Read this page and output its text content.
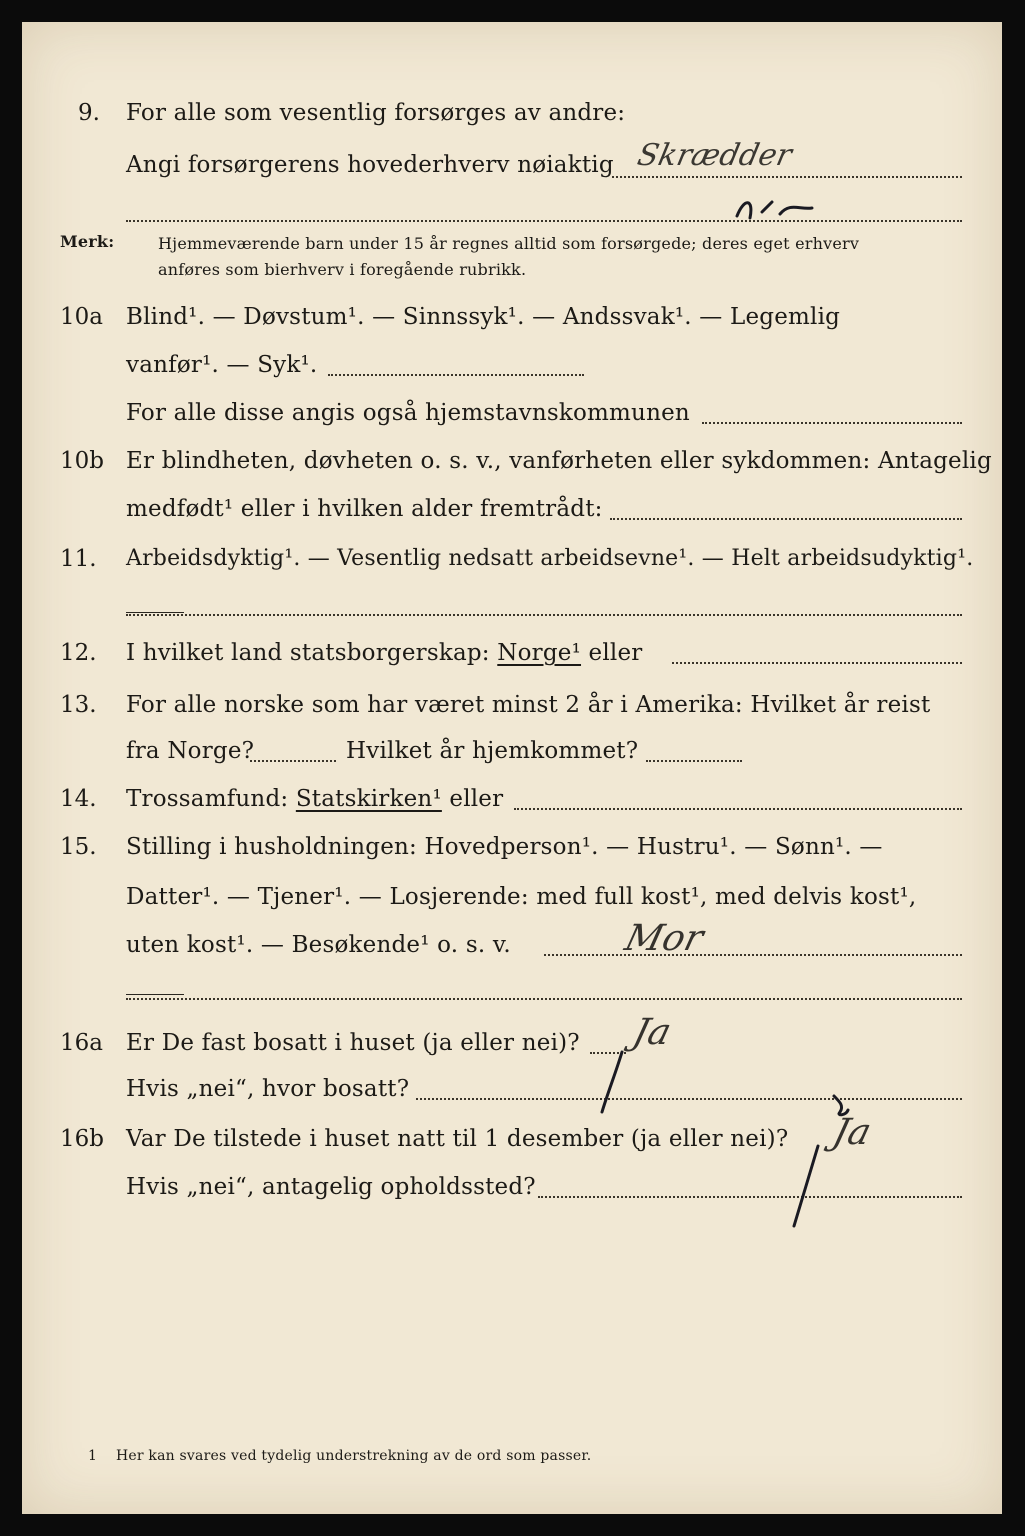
9. For alle som vesentlig forsørges av andre:
Angi forsørgerens hovederhverv nøiaktig Skrædder
Merk:	Hjemmeværende barn under 15 år regnes alltid som forsørgede; deres eget erhverv
anføres som bierhverv i foregående rubrikk.
10a Blind¹. — Døvstum¹. — Sinnssyk¹. — Andssvak¹. — Legemlig
vanfør¹. — Syk¹.
For alle disse angis også hjemstavnskommunen
10b Er blindheten, døvheten o. s. v., vanførheten eller sykdommen: Antagelig
medfødt¹ eller i hvilken alder fremtrådt:
11. Arbeidsdyktig¹. — Vesentlig nedsatt arbeidsevne¹. — Helt arbeidsudyktig¹.
12. I hvilket land statsborgerskap: Norge¹ eller
13. For alle norske som har været minst 2 år i Amerika: Hvilket år reist
fra Norge?	Hvilket år hjemkommet?
14. Trossamfund: Statskirken¹ eller
15. Stilling i husholdningen: Hovedperson¹. — Hustru¹. — Sønn¹. —
Datter¹. — Tjener¹. — Losjerende: med full kost¹, med delvis kost¹,
uten kost¹. — Besøkende¹ o. s. v.	Mor
16a Er De fast bosatt i huset (ja eller nei)? Ja
Hvis „nei“, hvor bosatt?
16b Var De tilstede i huset natt til 1 desember (ja eller nei)? Ja
Hvis „nei“, antagelig opholdssted?
1 Her kan svares ved tydelig understrekning av de ord som passer.
